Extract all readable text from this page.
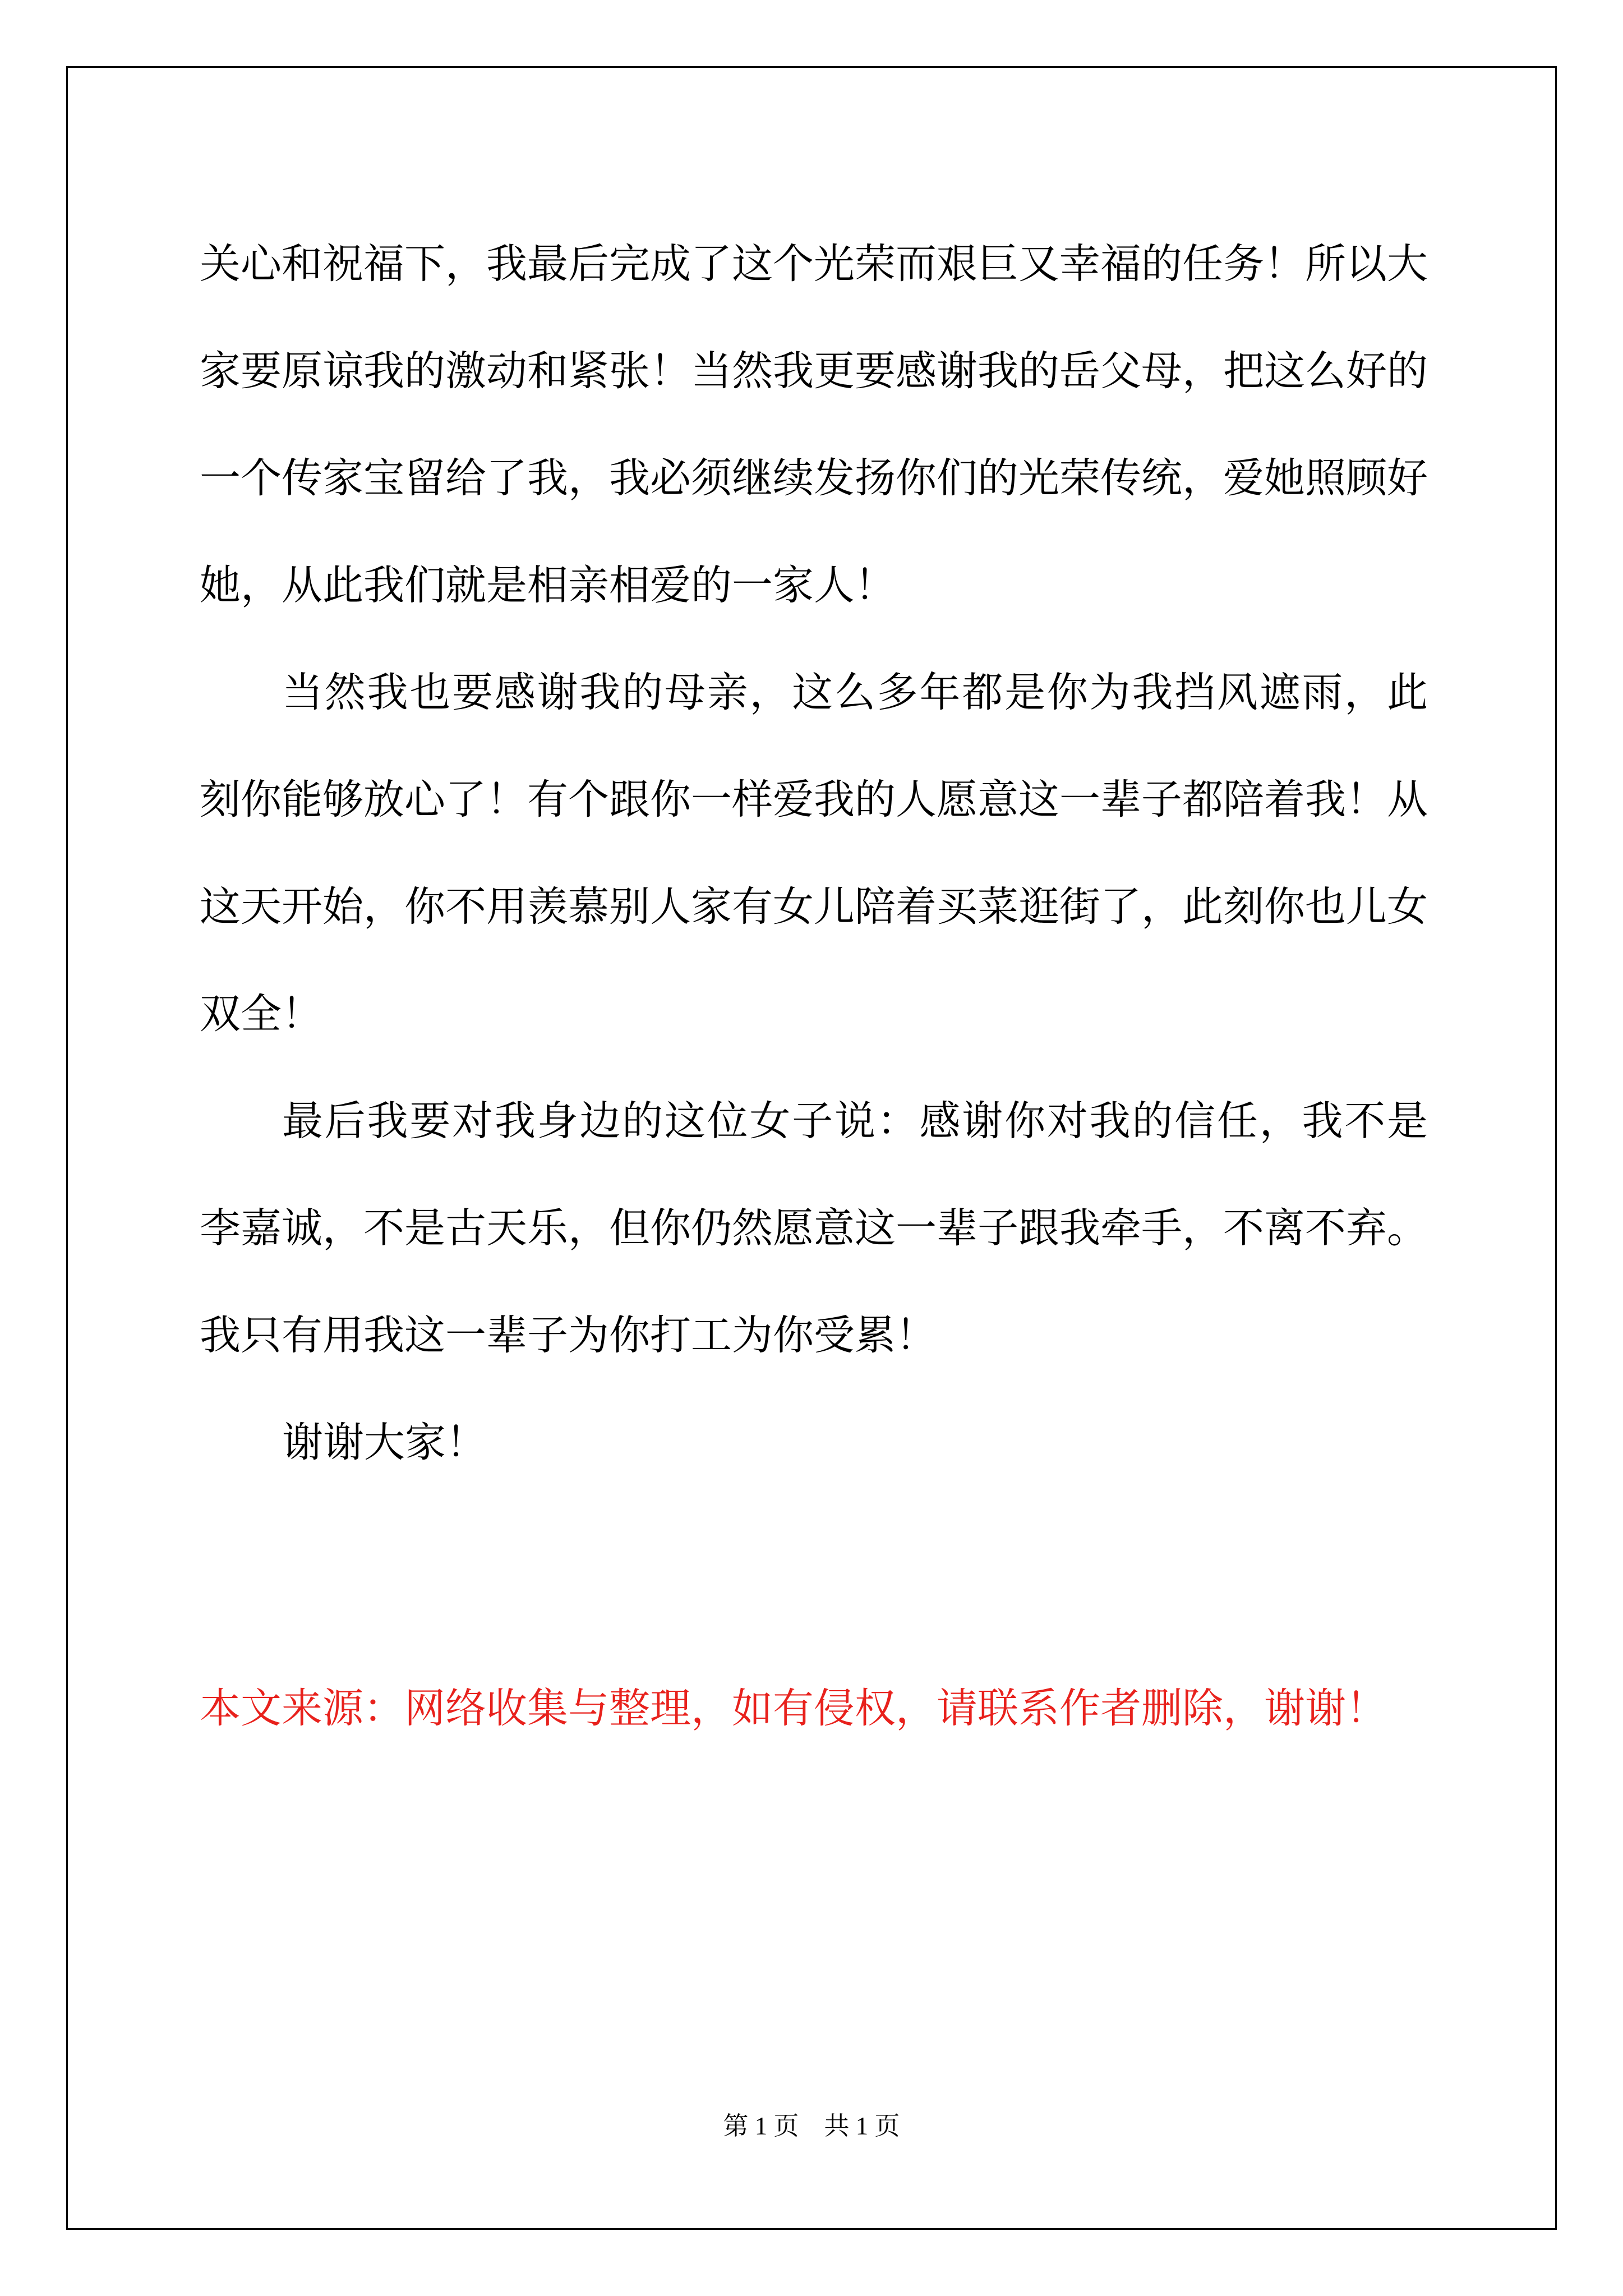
关心和祝福下，我最后完成了这个光荣而艰巨又幸福的任务！所以大家要原谅我的激动和紧张！当然我更要感谢我的岳父母，把这么好的一个传家宝留给了我，我必须继续发扬你们的光荣传统，爱她照顾好她，从此我们就是相亲相爱的一家人！

当然我也要感谢我的母亲，这么多年都是你为我挡风遮雨，此刻你能够放心了！有个跟你一样爱我的人愿意这一辈子都陪着我！从这天开始，你不用羡慕别人家有女儿陪着买菜逛街了，此刻你也儿女双全！

最后我要对我身边的这位女子说：感谢你对我的信任，我不是李嘉诚，不是古天乐，但你仍然愿意这一辈子跟我牵手，不离不弃。我只有用我这一辈子为你打工为你受累！

谢谢大家！

本文来源：网络收集与整理，如有侵权，请联系作者删除，谢谢！
第 1 页    共 1 页
